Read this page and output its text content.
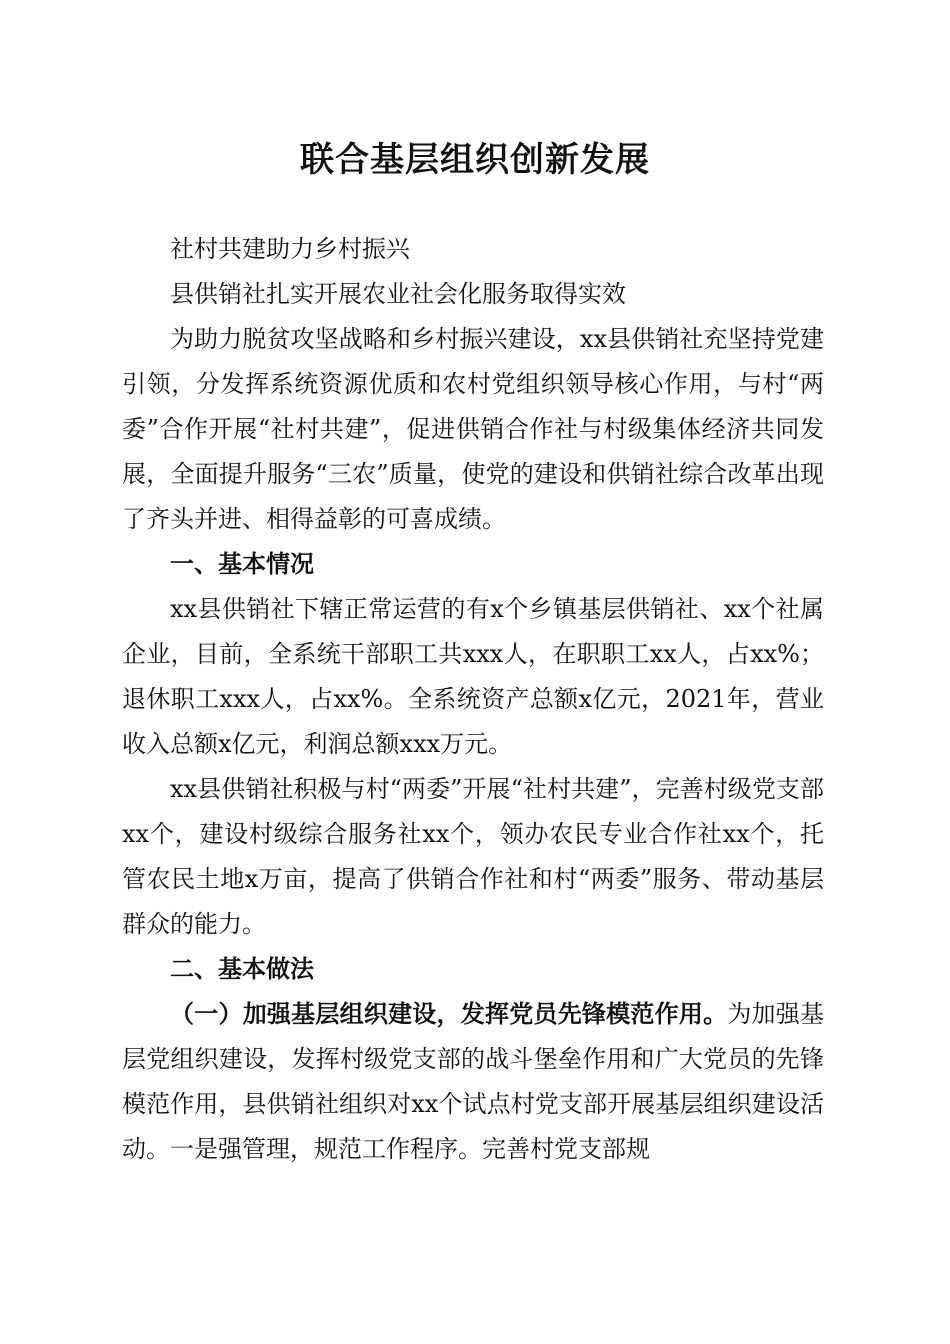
联合基层组织创新发展

社村共建助力乡村振兴

县供销社扎实开展农业社会化服务取得实效

为助力脱贫攻坚战略和乡村振兴建设，xx县供销社充坚持党建引领，分发挥系统资源优质和农村党组织领导核心作用，与村“两委”合作开展“社村共建”，促进供销合作社与村级集体经济共同发展，全面提升服务“三农”质量，使党的建设和供销社综合改革出现了齐头并进、相得益彰的可喜成绩。

一、基本情况

xx县供销社下辖正常运营的有x个乡镇基层供销社、xx个社属企业，目前，全系统干部职工共xxx人，在职职工xx人，占xx%；退休职工xxx人，占xx%。全系统资产总额x亿元，2021年，营业收入总额x亿元，利润总额xxx万元。

xx县供销社积极与村“两委”开展“社村共建”，完善村级党支部xx个，建设村级综合服务社xx个，领办农民专业合作社xx个，托管农民土地x万亩，提高了供销合作社和村“两委”服务、带动基层群众的能力。

二、基本做法

（一）加强基层组织建设，发挥党员先锋模范作用。为加强基层党组织建设，发挥村级党支部的战斗堡垒作用和广大党员的先锋模范作用，县供销社组织对xx个试点村党支部开展基层组织建设活动。一是强管理，规范工作程序。完善村党支部规
